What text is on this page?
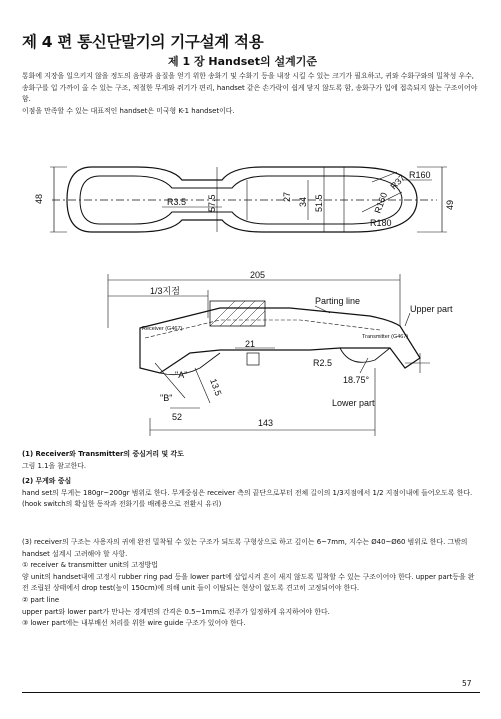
제 4 편 통신단말기의 기구설계 적용
제 1 장 Handset의 설계기준

통화에 지장을 일으키지 않을 정도의 음량과 음질을 얻기 위한 송화기 및 수화기 등을 내장 시킬 수 있는 크기가 필요하고, 귀와 수화구와의 밀착성 우수, 송화구를 입 가까이 올 수 있는 구조, 적절한 무게와 쥐기가 편리, handset 같은 손가락이 쉽게 닿지 않도록 함, 송화구가 입에 접촉되지 않는 구조이어야 함.

이점을 만족할 수 있는 대표적인 handset은 미국형 K-1 handset이다.

48	R3.5 57.5	27 34 51.5
R180
R160
R37 R160
49
205
1/3지점
Parting line
Upper part
Receiver (G467)
Transmitter (G467)
21
R2.5
"A"
13.5
"B"
18.75°
Lower part
52
143

(1) Receiver와 Transmitter의 중심거리 및 각도

그림 1.1을 참고한다.

(2) 무게와 중심

hand set의 무게는 180gr~200gr 범위로 한다. 무게중심은 receiver 측의 끝단으로부터 전체 길이의 1/3지점에서 1/2 지점이내에 들어오도록 한다. (hook switch의 확실한 동작과 전화기를 배례용으로 전환시 유리)

(3) receiver의 구조는 사용자의 귀에 완전 밀착될 수 있는 구조가 되도록 구형상으로 하고 깊이는 6~7mm, 지수는 Ø40~Ø60 범위로 한다. 그밖의 handset 설계시 고려해야 할 사항.

① receiver & transmitter unit의 고정방법

양 unit의 handset내에 고정시 rubber ring pad 등을 lower part에 삽입시켜 흔이 새지 않도록 밀착할 수 있는 구조이어야 한다. upper part등을 완전 조립된 상태에서 drop test(높이 150cm)에 의해 unit 들이 이탈되는 현상이 없도록 견고히 고정되어야 한다.

② part line

upper part와 lower part가 만나는 경계면의 간격은 0.5~1mm로 전주가 일정하게 유지하여야 한다.

③ lower part에는 내부배선 처리를 위한 wire guide 구조가 있어야 한다.

57
